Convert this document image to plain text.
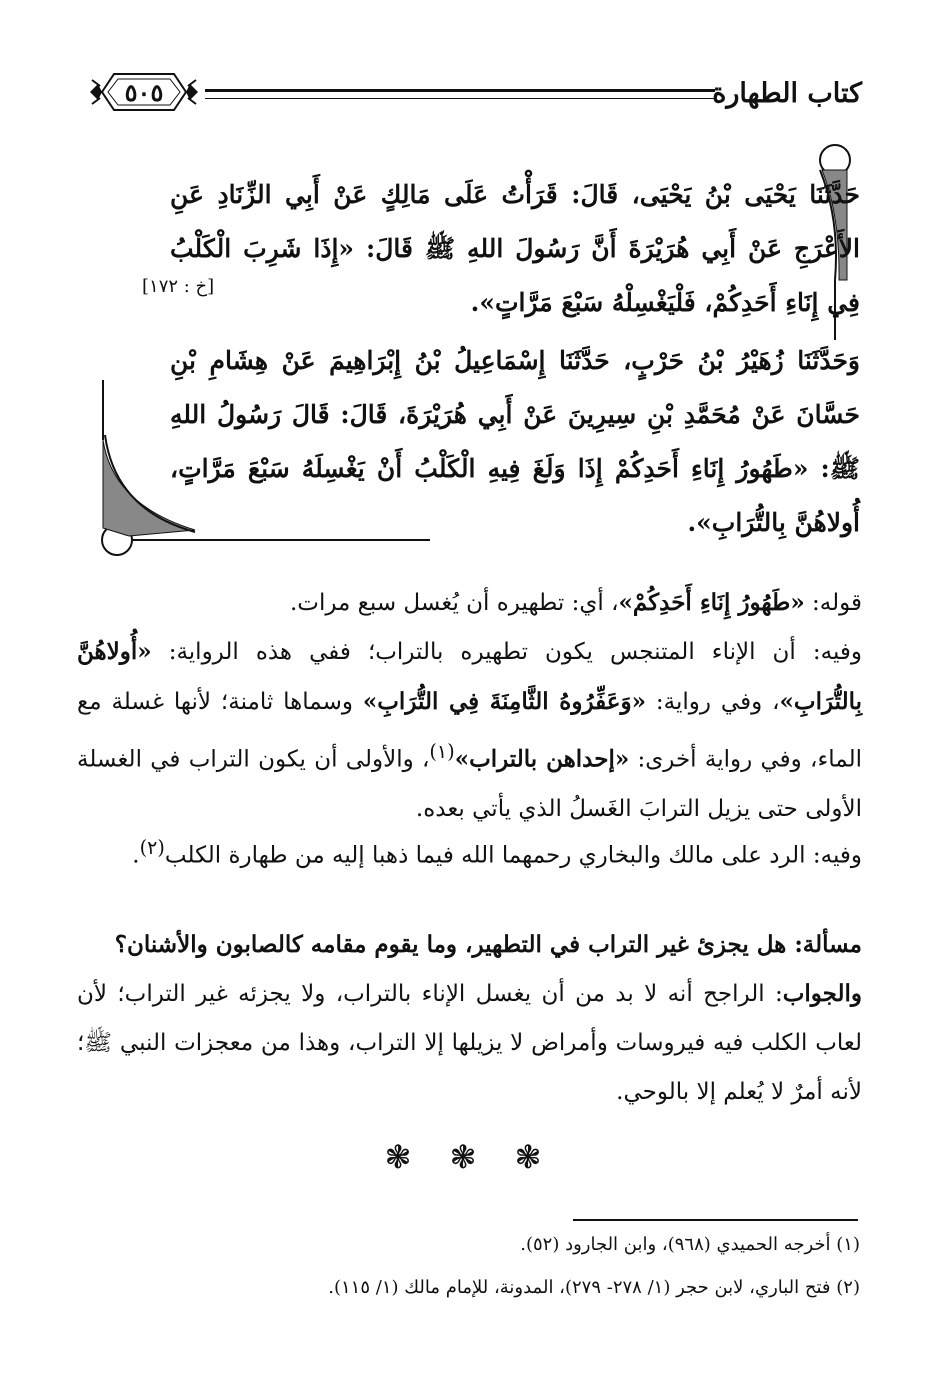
كتاب الطهارة
٥٠٥
حَدَّثَنَا يَحْيَى بْنُ يَحْيَى، قَالَ: قَرَأْتُ عَلَى مَالِكٍ عَنْ أَبِي الزِّنَادِ عَنِ الأَعْرَجِ عَنْ أَبِي هُرَيْرَةَ أَنَّ رَسُولَ اللهِ ﷺ قَالَ: «إِذَا شَرِبَ الْكَلْبُ فِي إِنَاءِ أَحَدِكُمْ، فَلْيَغْسِلْهُ سَبْعَ مَرَّاتٍ».
[خ : ١٧٢]
وَحَدَّثَنَا زُهَيْرُ بْنُ حَرْبٍ، حَدَّثَنَا إِسْمَاعِيلُ بْنُ إِبْرَاهِيمَ عَنْ هِشَامِ بْنِ حَسَّانَ عَنْ مُحَمَّدِ بْنِ سِيرِينَ عَنْ أَبِي هُرَيْرَةَ، قَالَ: قَالَ رَسُولُ اللهِ ﷺ: «طَهُورُ إِنَاءِ أَحَدِكُمْ إِذَا وَلَغَ فِيهِ الْكَلْبُ أَنْ يَغْسِلَهُ سَبْعَ مَرَّاتٍ، أُولاهُنَّ بِالتُّرَابِ».
قوله: «طَهُورُ إِنَاءِ أَحَدِكُمْ»، أي: تطهيره أن يُغسل سبع مرات.
وفيه: أن الإناء المتنجس يكون تطهيره بالتراب؛ ففي هذه الرواية: «أُولاهُنَّ بِالتُّرَابِ»، وفي رواية: «وَعَفِّرُوهُ الثَّامِنَةَ فِي التُّرَابِ» وسماها ثامنة؛ لأنها غسلة مع الماء، وفي رواية أخرى: «إحداهن بالتراب»$^{(١)}$، والأولى أن يكون التراب في الغسلة الأولى حتى يزيل الترابَ الغَسلُ الذي يأتي بعده.
وفيه: الرد على مالك والبخاري رحمهما الله فيما ذهبا إليه من طهارة الكلب$^{(٢)}$.
مسألة: هل يجزئ غير التراب في التطهير، وما يقوم مقامه كالصابون والأشنان؟
والجواب: الراجح أنه لا بد من أن يغسل الإناء بالتراب، ولا يجزئه غير التراب؛ لأن لعاب الكلب فيه فيروسات وأمراض لا يزيلها إلا التراب، وهذا من معجزات النبي ﷺ؛ لأنه أمرٌ لا يُعلم إلا بالوحي.
❃ ❃ ❃
(١) أخرجه الحميدي (٩٦٨)، وابن الجارود (٥٢).
(٢) فتح الباري، لابن حجر (١/ ٢٧٨- ٢٧٩)، المدونة، للإمام مالك (١/ ١١٥).
